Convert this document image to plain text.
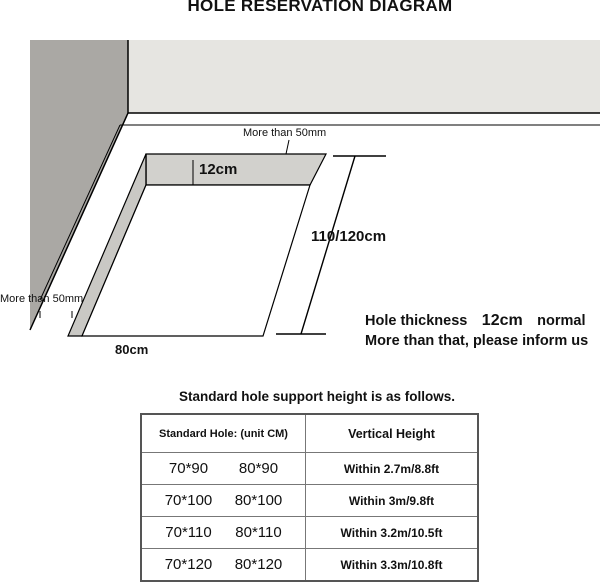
HOLE RESERVATION DIAGRAM
More than 50mm
12cm
110/120cm
More than 50mm
80cm
Hole thickness 12cm normal
More than that, please inform us
Standard hole support height is as follows.
Standard Hole: (unit CM)	Vertical Height
70*90 80*90	Within 2.7m/8.8ft
70*100 80*100	Within 3m/9.8ft
70*110 80*110	Within 3.2m/10.5ft
70*120 80*120	Within 3.3m/10.8ft
